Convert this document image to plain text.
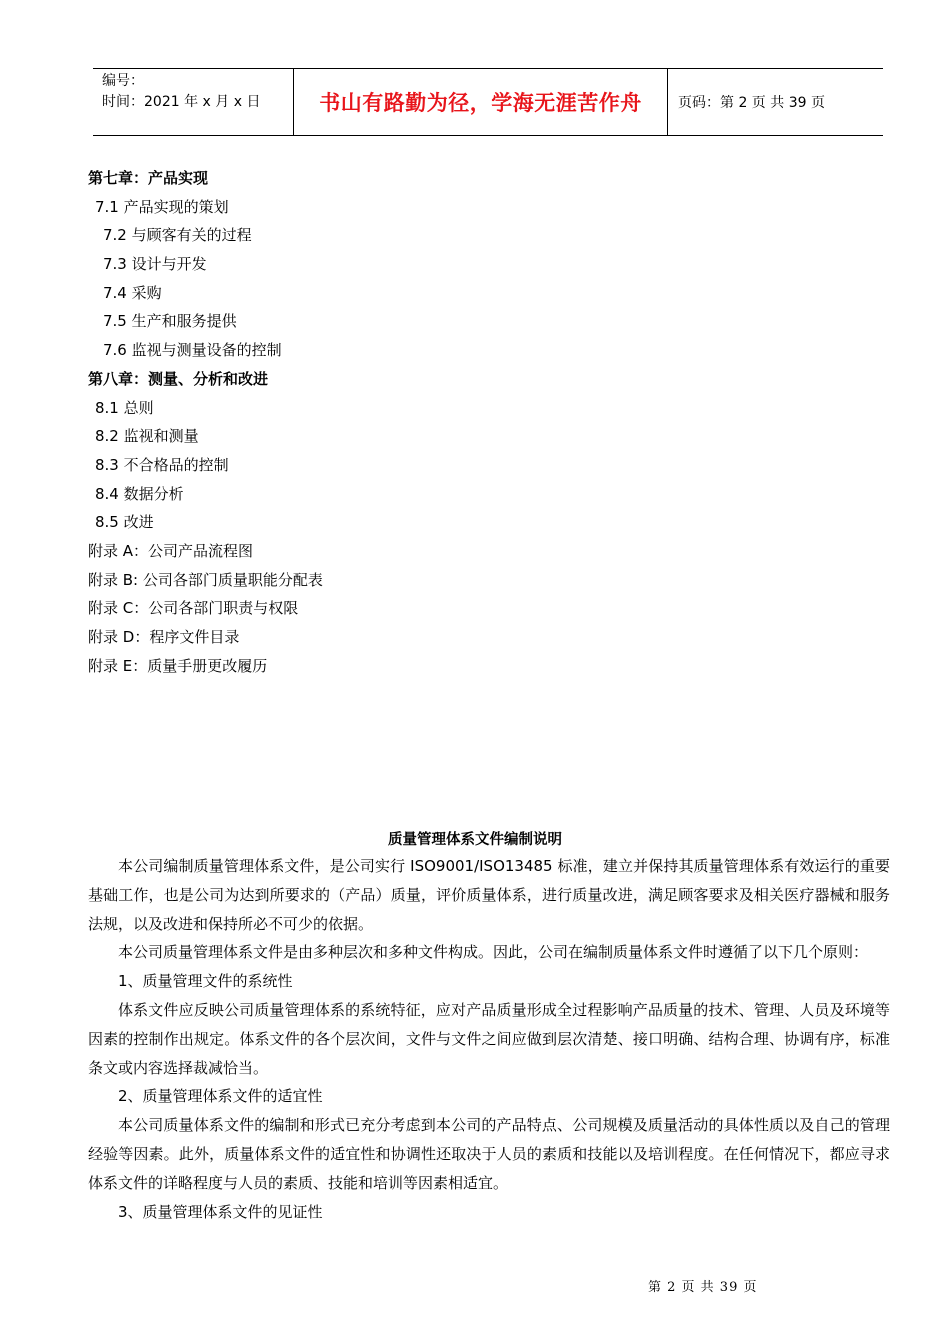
编号：
时间：2021 年 x 月 x 日	书山有路勤为径，学海无涯苦作舟	页码：第 2 页 共 39 页
第七章：产品实现
7.1 产品实现的策划
7.2 与顾客有关的过程
7.3 设计与开发
7.4 采购
7.5 生产和服务提供
7.6 监视与测量设备的控制
第八章：测量、分析和改进
8.1 总则
8.2 监视和测量
8.3 不合格品的控制
8.4 数据分析
8.5 改进
附录 A：公司产品流程图
附录 B: 公司各部门质量职能分配表
附录 C：公司各部门职责与权限
附录 D：程序文件目录
附录 E：质量手册更改履历
质量管理体系文件编制说明

本公司编制质量管理体系文件，是公司实行 ISO9001/ISO13485 标准，建立并保持其质量管理体系有效运行的重要基础工作，也是公司为达到所要求的（产品）质量，评价质量体系，进行质量改进，满足顾客要求及相关医疗器械和服务法规，以及改进和保持所必不可少的依据。

本公司质量管理体系文件是由多种层次和多种文件构成。因此，公司在编制质量体系文件时遵循了以下几个原则：

1、质量管理文件的系统性

体系文件应反映公司质量管理体系的系统特征，应对产品质量形成全过程影响产品质量的技术、管理、人员及环境等因素的控制作出规定。体系文件的各个层次间，文件与文件之间应做到层次清楚、接口明确、结构合理、协调有序，标准条文或内容选择裁减恰当。

2、质量管理体系文件的适宜性

本公司质量体系文件的编制和形式已充分考虑到本公司的产品特点、公司规模及质量活动的具体性质以及自己的管理经验等因素。此外，质量体系文件的适宜性和协调性还取决于人员的素质和技能以及培训程度。在任何情况下，都应寻求体系文件的详略程度与人员的素质、技能和培训等因素相适宜。

3、质量管理体系文件的见证性

第 2 页 共 39 页
